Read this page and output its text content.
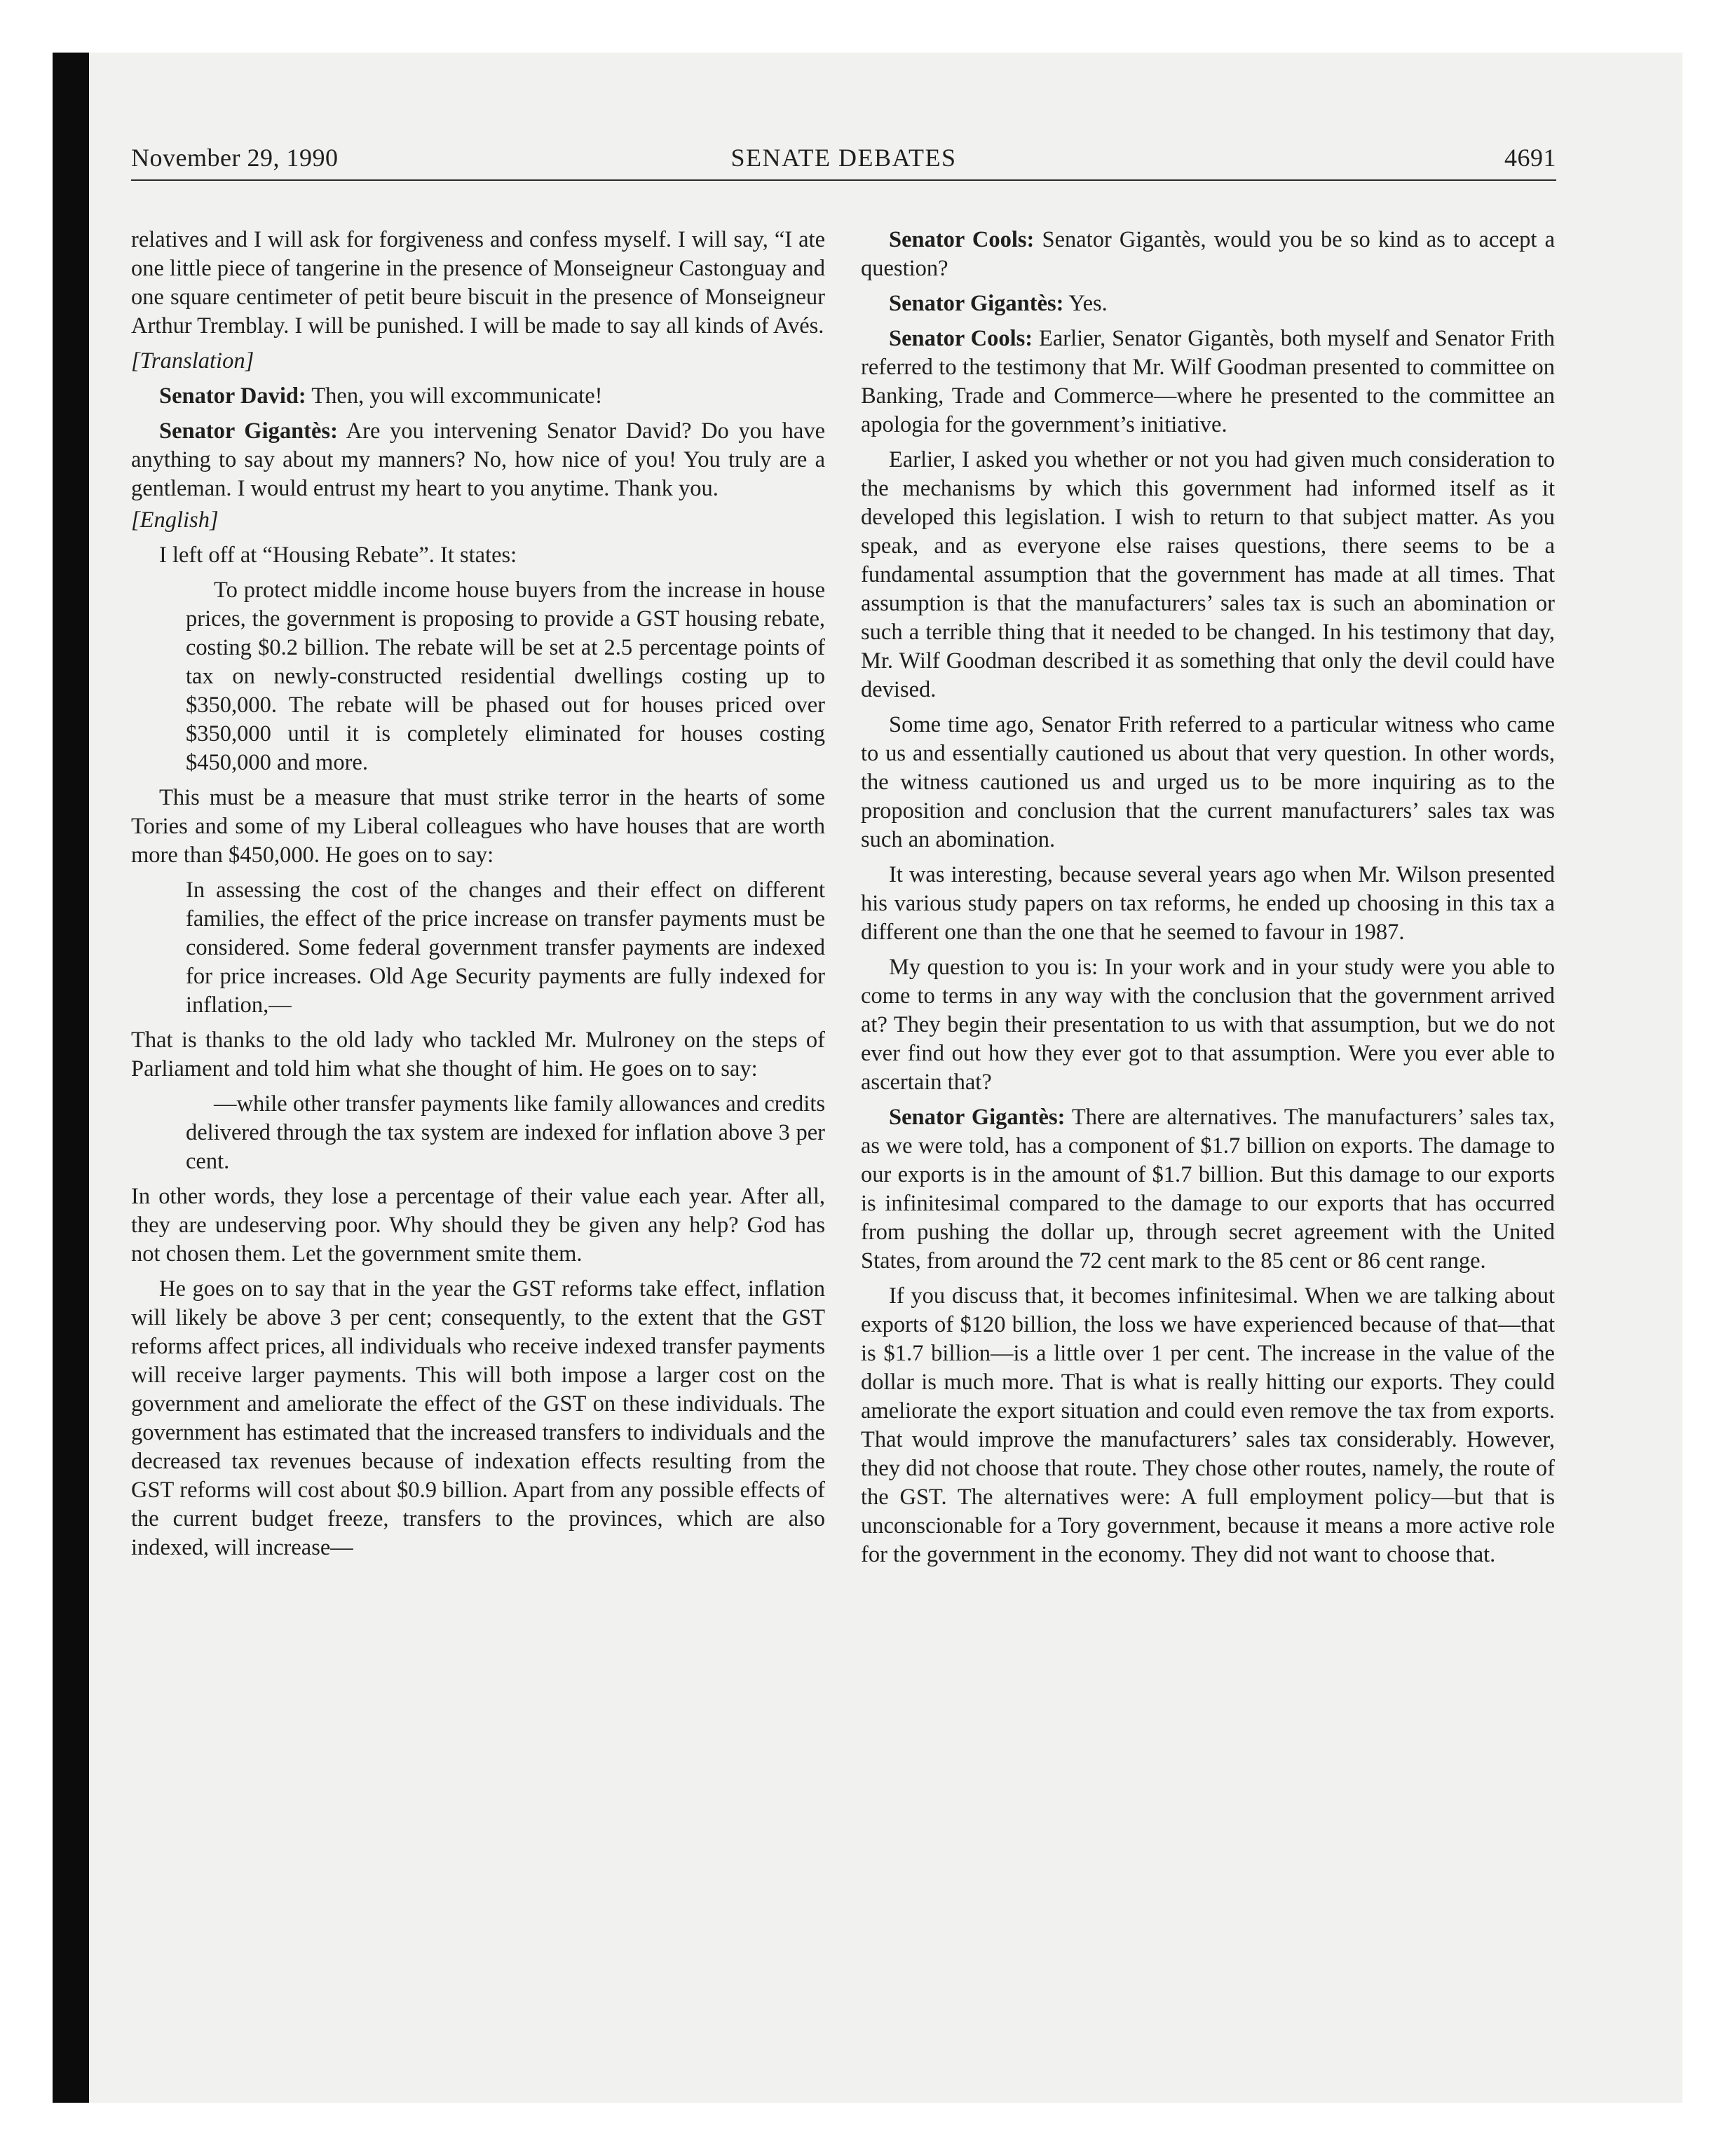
November 29, 1990	SENATE DEBATES	4691

relatives and I will ask for forgiveness and confess myself. I will say, “I ate one little piece of tangerine in the presence of Monseigneur Castonguay and one square centimeter of petit beure biscuit in the presence of Monseigneur Arthur Tremblay. I will be punished. I will be made to say all kinds of Avés.

[Translation]

Senator David: Then, you will excommunicate!

Senator Gigantès: Are you intervening Senator David? Do you have anything to say about my manners? No, how nice of you! You truly are a gentleman. I would entrust my heart to you anytime. Thank you.

[English]

I left off at “Housing Rebate”. It states:

To protect middle income house buyers from the increase in house prices, the government is proposing to provide a GST housing rebate, costing $0.2 billion. The rebate will be set at 2.5 percentage points of tax on newly-constructed residential dwellings costing up to $350,000. The rebate will be phased out for houses priced over $350,000 until it is completely eliminated for houses costing $450,000 and more.

This must be a measure that must strike terror in the hearts of some Tories and some of my Liberal colleagues who have houses that are worth more than $450,000. He goes on to say:

In assessing the cost of the changes and their effect on different families, the effect of the price increase on transfer payments must be considered. Some federal government transfer payments are indexed for price increases. Old Age Security payments are fully indexed for inflation,—

That is thanks to the old lady who tackled Mr. Mulroney on the steps of Parliament and told him what she thought of him. He goes on to say:

—while other transfer payments like family allowances and credits delivered through the tax system are indexed for inflation above 3 per cent.

In other words, they lose a percentage of their value each year. After all, they are undeserving poor. Why should they be given any help? God has not chosen them. Let the government smite them.

He goes on to say that in the year the GST reforms take effect, inflation will likely be above 3 per cent; consequently, to the extent that the GST reforms affect prices, all individuals who receive indexed transfer payments will receive larger payments. This will both impose a larger cost on the government and ameliorate the effect of the GST on these individuals. The government has estimated that the increased transfers to individuals and the decreased tax revenues because of indexation effects resulting from the GST reforms will cost about $0.9 billion. Apart from any possible effects of the current budget freeze, transfers to the provinces, which are also indexed, will increase—

Senator Cools: Senator Gigantès, would you be so kind as to accept a question?

Senator Gigantès: Yes.

Senator Cools: Earlier, Senator Gigantès, both myself and Senator Frith referred to the testimony that Mr. Wilf Goodman presented to committee on Banking, Trade and Commerce—where he presented to the committee an apologia for the government’s initiative.

Earlier, I asked you whether or not you had given much consideration to the mechanisms by which this government had informed itself as it developed this legislation. I wish to return to that subject matter. As you speak, and as everyone else raises questions, there seems to be a fundamental assumption that the government has made at all times. That assumption is that the manufacturers’ sales tax is such an abomination or such a terrible thing that it needed to be changed. In his testimony that day, Mr. Wilf Goodman described it as something that only the devil could have devised.

Some time ago, Senator Frith referred to a particular witness who came to us and essentially cautioned us about that very question. In other words, the witness cautioned us and urged us to be more inquiring as to the proposition and conclusion that the current manufacturers’ sales tax was such an abomination.

It was interesting, because several years ago when Mr. Wilson presented his various study papers on tax reforms, he ended up choosing in this tax a different one than the one that he seemed to favour in 1987.

My question to you is: In your work and in your study were you able to come to terms in any way with the conclusion that the government arrived at? They begin their presentation to us with that assumption, but we do not ever find out how they ever got to that assumption. Were you ever able to ascertain that?

Senator Gigantès: There are alternatives. The manufacturers’ sales tax, as we were told, has a component of $1.7 billion on exports. The damage to our exports is in the amount of $1.7 billion. But this damage to our exports is infinitesimal compared to the damage to our exports that has occurred from pushing the dollar up, through secret agreement with the United States, from around the 72 cent mark to the 85 cent or 86 cent range.

If you discuss that, it becomes infinitesimal. When we are talking about exports of $120 billion, the loss we have experienced because of that—that is $1.7 billion—is a little over 1 per cent. The increase in the value of the dollar is much more. That is what is really hitting our exports. They could ameliorate the export situation and could even remove the tax from exports. That would improve the manufacturers’ sales tax considerably. However, they did not choose that route. They chose other routes, namely, the route of the GST. The alternatives were: A full employment policy—but that is unconscionable for a Tory government, because it means a more active role for the government in the economy. They did not want to choose that.
